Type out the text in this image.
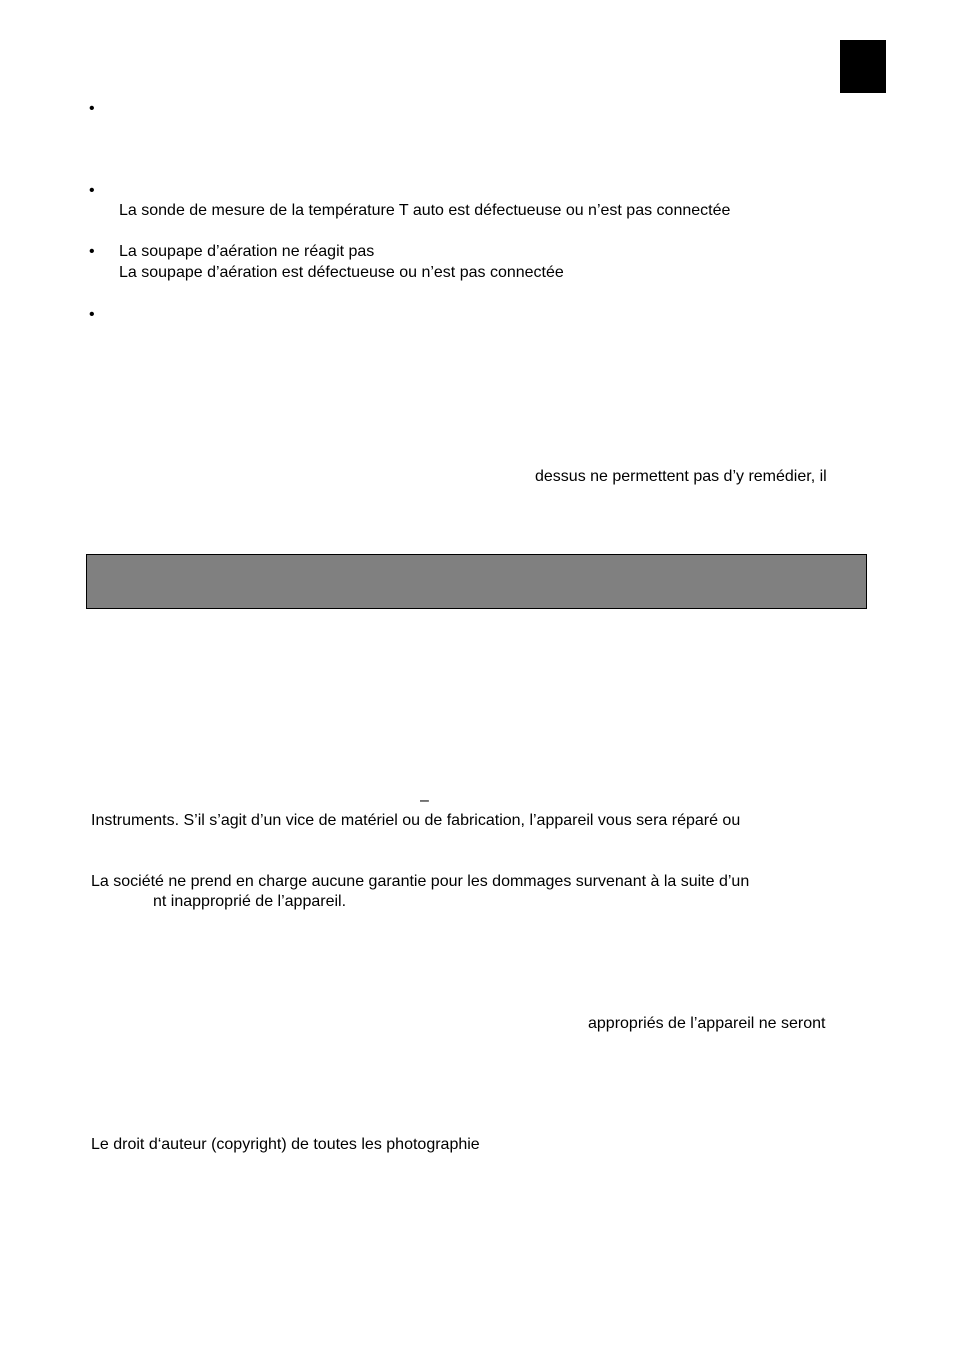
•
•
La sonde de mesure de la température T auto est défectueuse ou n’est pas connectée
• La soupape d’aération ne réagit pas
La soupape d’aération est défectueuse ou n’est pas connectée
•
dessus ne permettent pas d’y remédier, il
–
Instruments. S’il s’agit d’un vice de matériel ou de fabrication, l’appareil vous sera réparé ou
La société ne prend en charge aucune garantie pour les dommages survenant à la suite d’un
nt inapproprié de l’appareil.
appropriés de l’appareil ne seront
Le droit d‘auteur (copyright) de toutes les photographie
